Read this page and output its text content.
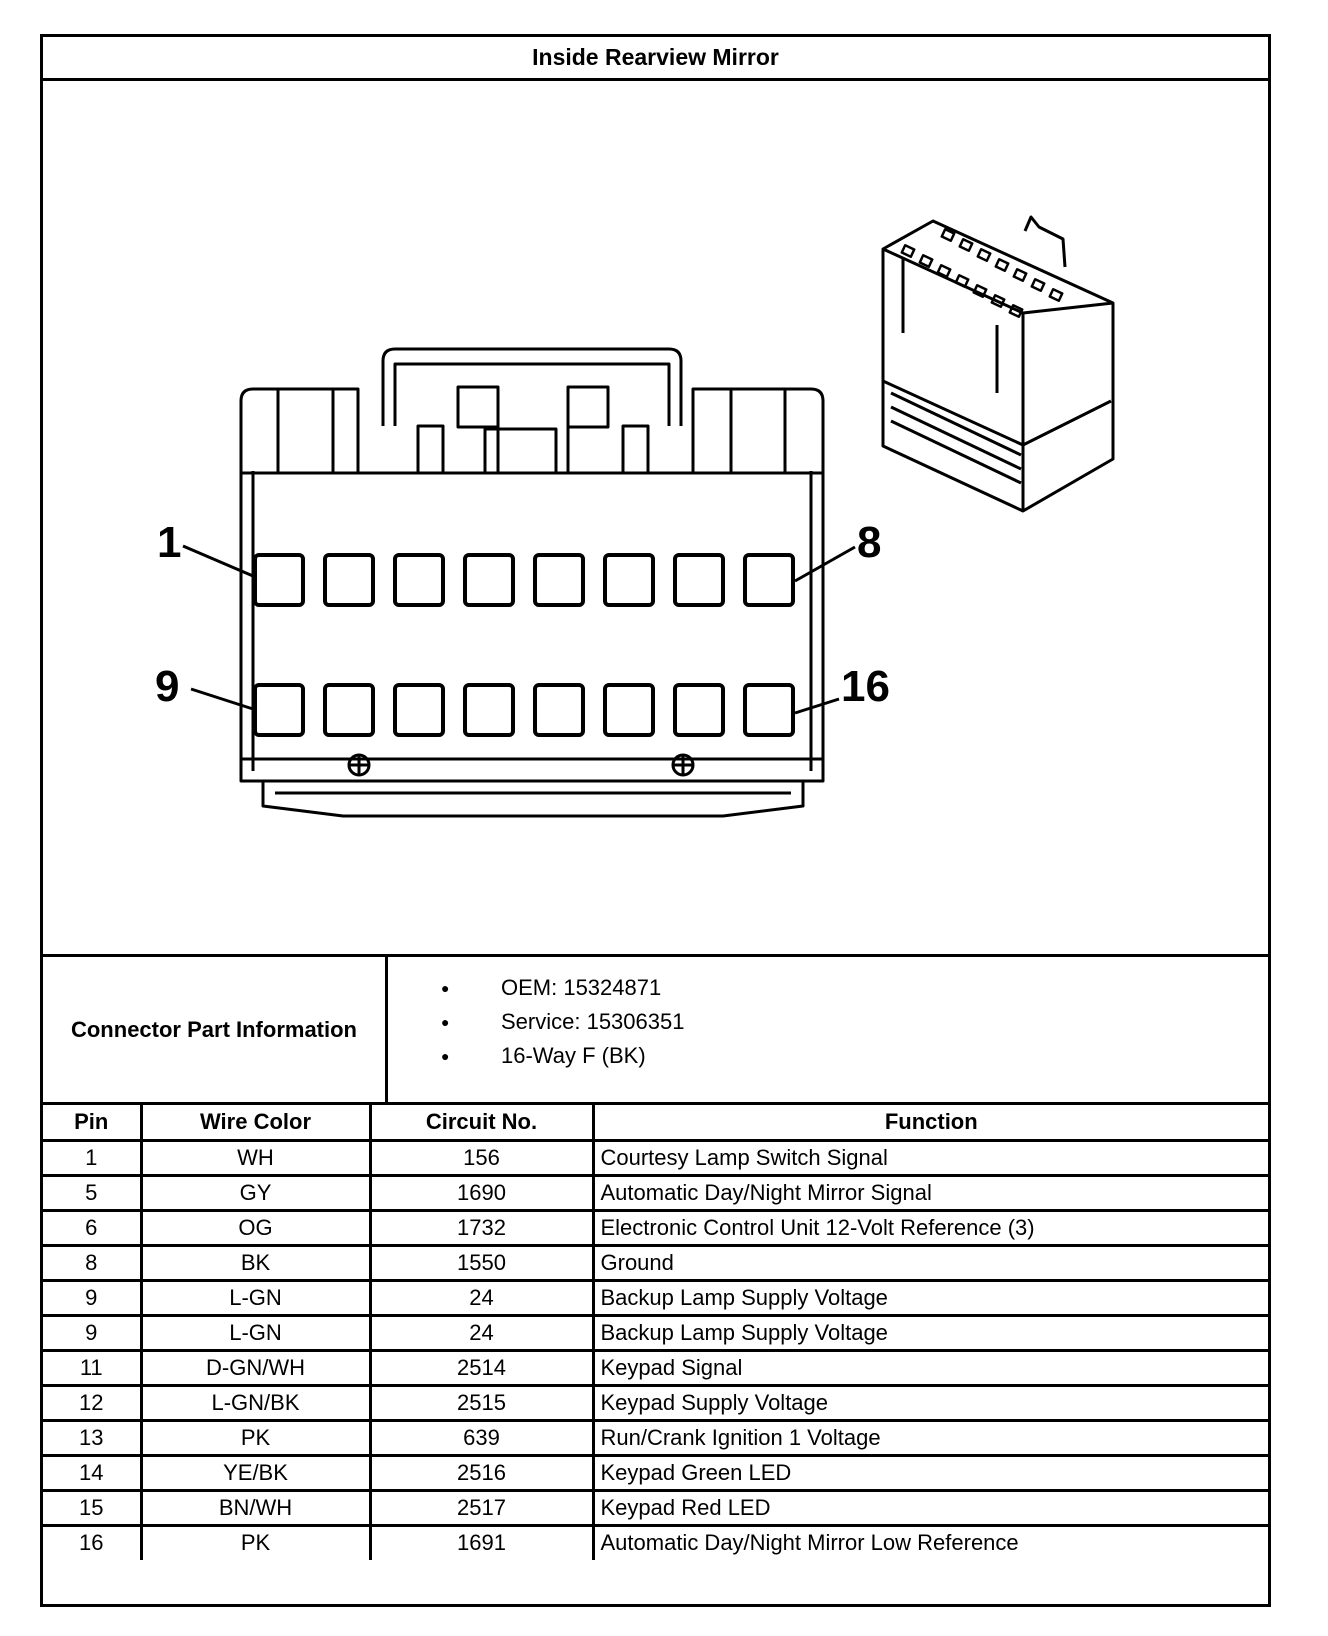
Inside Rearview Mirror
1	8
9	16
Connector Part Information
● OEM: 15324871
● Service: 15306351
● 16-Way F (BK)
Pin	Wire Color	Circuit No.	Function
1	WH	156	Courtesy Lamp Switch Signal
5	GY	1690	Automatic Day/Night Mirror Signal
6	OG	1732	Electronic Control Unit 12-Volt Reference (3)
8	BK	1550	Ground
9	L-GN	24	Backup Lamp Supply Voltage
9	L-GN	24	Backup Lamp Supply Voltage
11	D-GN/WH	2514	Keypad Signal
12	L-GN/BK	2515	Keypad Supply Voltage
13	PK	639	Run/Crank Ignition 1 Voltage
14	YE/BK	2516	Keypad Green LED
15	BN/WH	2517	Keypad Red LED
16	PK	1691	Automatic Day/Night Mirror Low Reference
